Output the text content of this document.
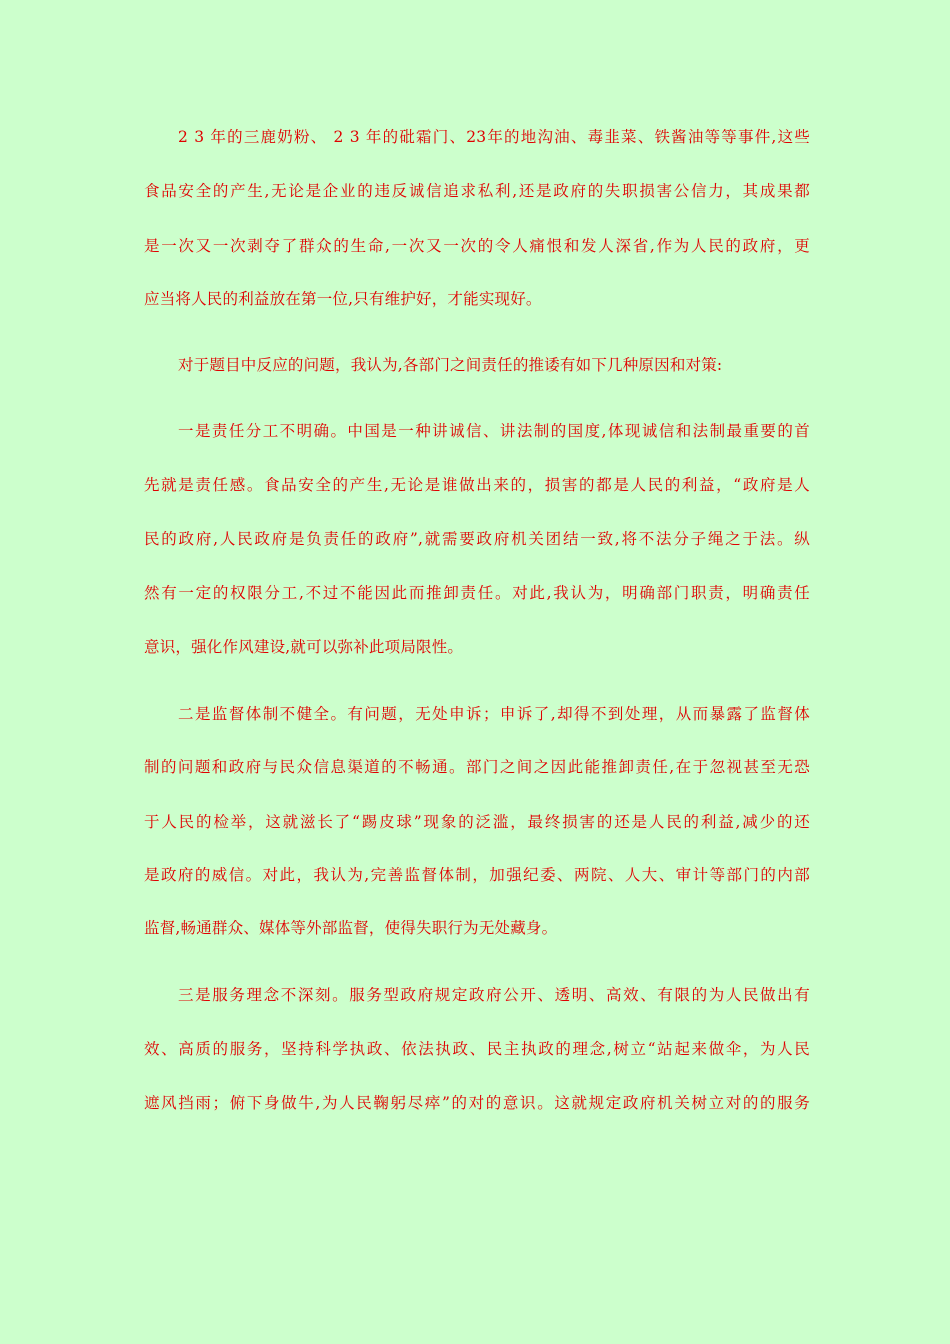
2 3 年的三鹿奶粉、 2 3 年的砒霜门、23年的地沟油、毒韭菜、铁酱油等等事件,这些
食品安全的产生,无论是企业的违反诚信追求私利,还是政府的失职损害公信力，其成果都
是一次又一次剥夺了群众的生命,一次又一次的令人痛恨和发人深省,作为人民的政府，更
应当将人民的利益放在第一位,只有维护好，才能实现好。
对于题目中反应的问题，我认为,各部门之间责任的推诿有如下几种原因和对策:
一是责任分工不明确。中国是一种讲诚信、讲法制的国度,体现诚信和法制最重要的首
先就是责任感。食品安全的产生,无论是谁做出来的，损害的都是人民的利益，“政府是人
民的政府,人民政府是负责任的政府”,就需要政府机关团结一致,将不法分子绳之于法。纵
然有一定的权限分工,不过不能因此而推卸责任。对此,我认为，明确部门职责，明确责任
意识，强化作风建设,就可以弥补此项局限性。
二是监督体制不健全。有问题，无处申诉；申诉了,却得不到处理，从而暴露了监督体
制的问题和政府与民众信息渠道的不畅通。部门之间之因此能推卸责任,在于忽视甚至无恐
于人民的检举，这就滋长了“踢皮球”现象的泛滥，最终损害的还是人民的利益,减少的还
是政府的威信。对此，我认为,完善监督体制，加强纪委、两院、人大、审计等部门的内部
监督,畅通群众、媒体等外部监督，使得失职行为无处藏身。
三是服务理念不深刻。服务型政府规定政府公开、透明、高效、有限的为人民做出有
效、高质的服务，坚持科学执政、依法执政、民主执政的理念,树立“站起来做伞，为人民
遮风挡雨；俯下身做牛,为人民鞠躬尽瘁”的对的意识。这就规定政府机关树立对的的服务
